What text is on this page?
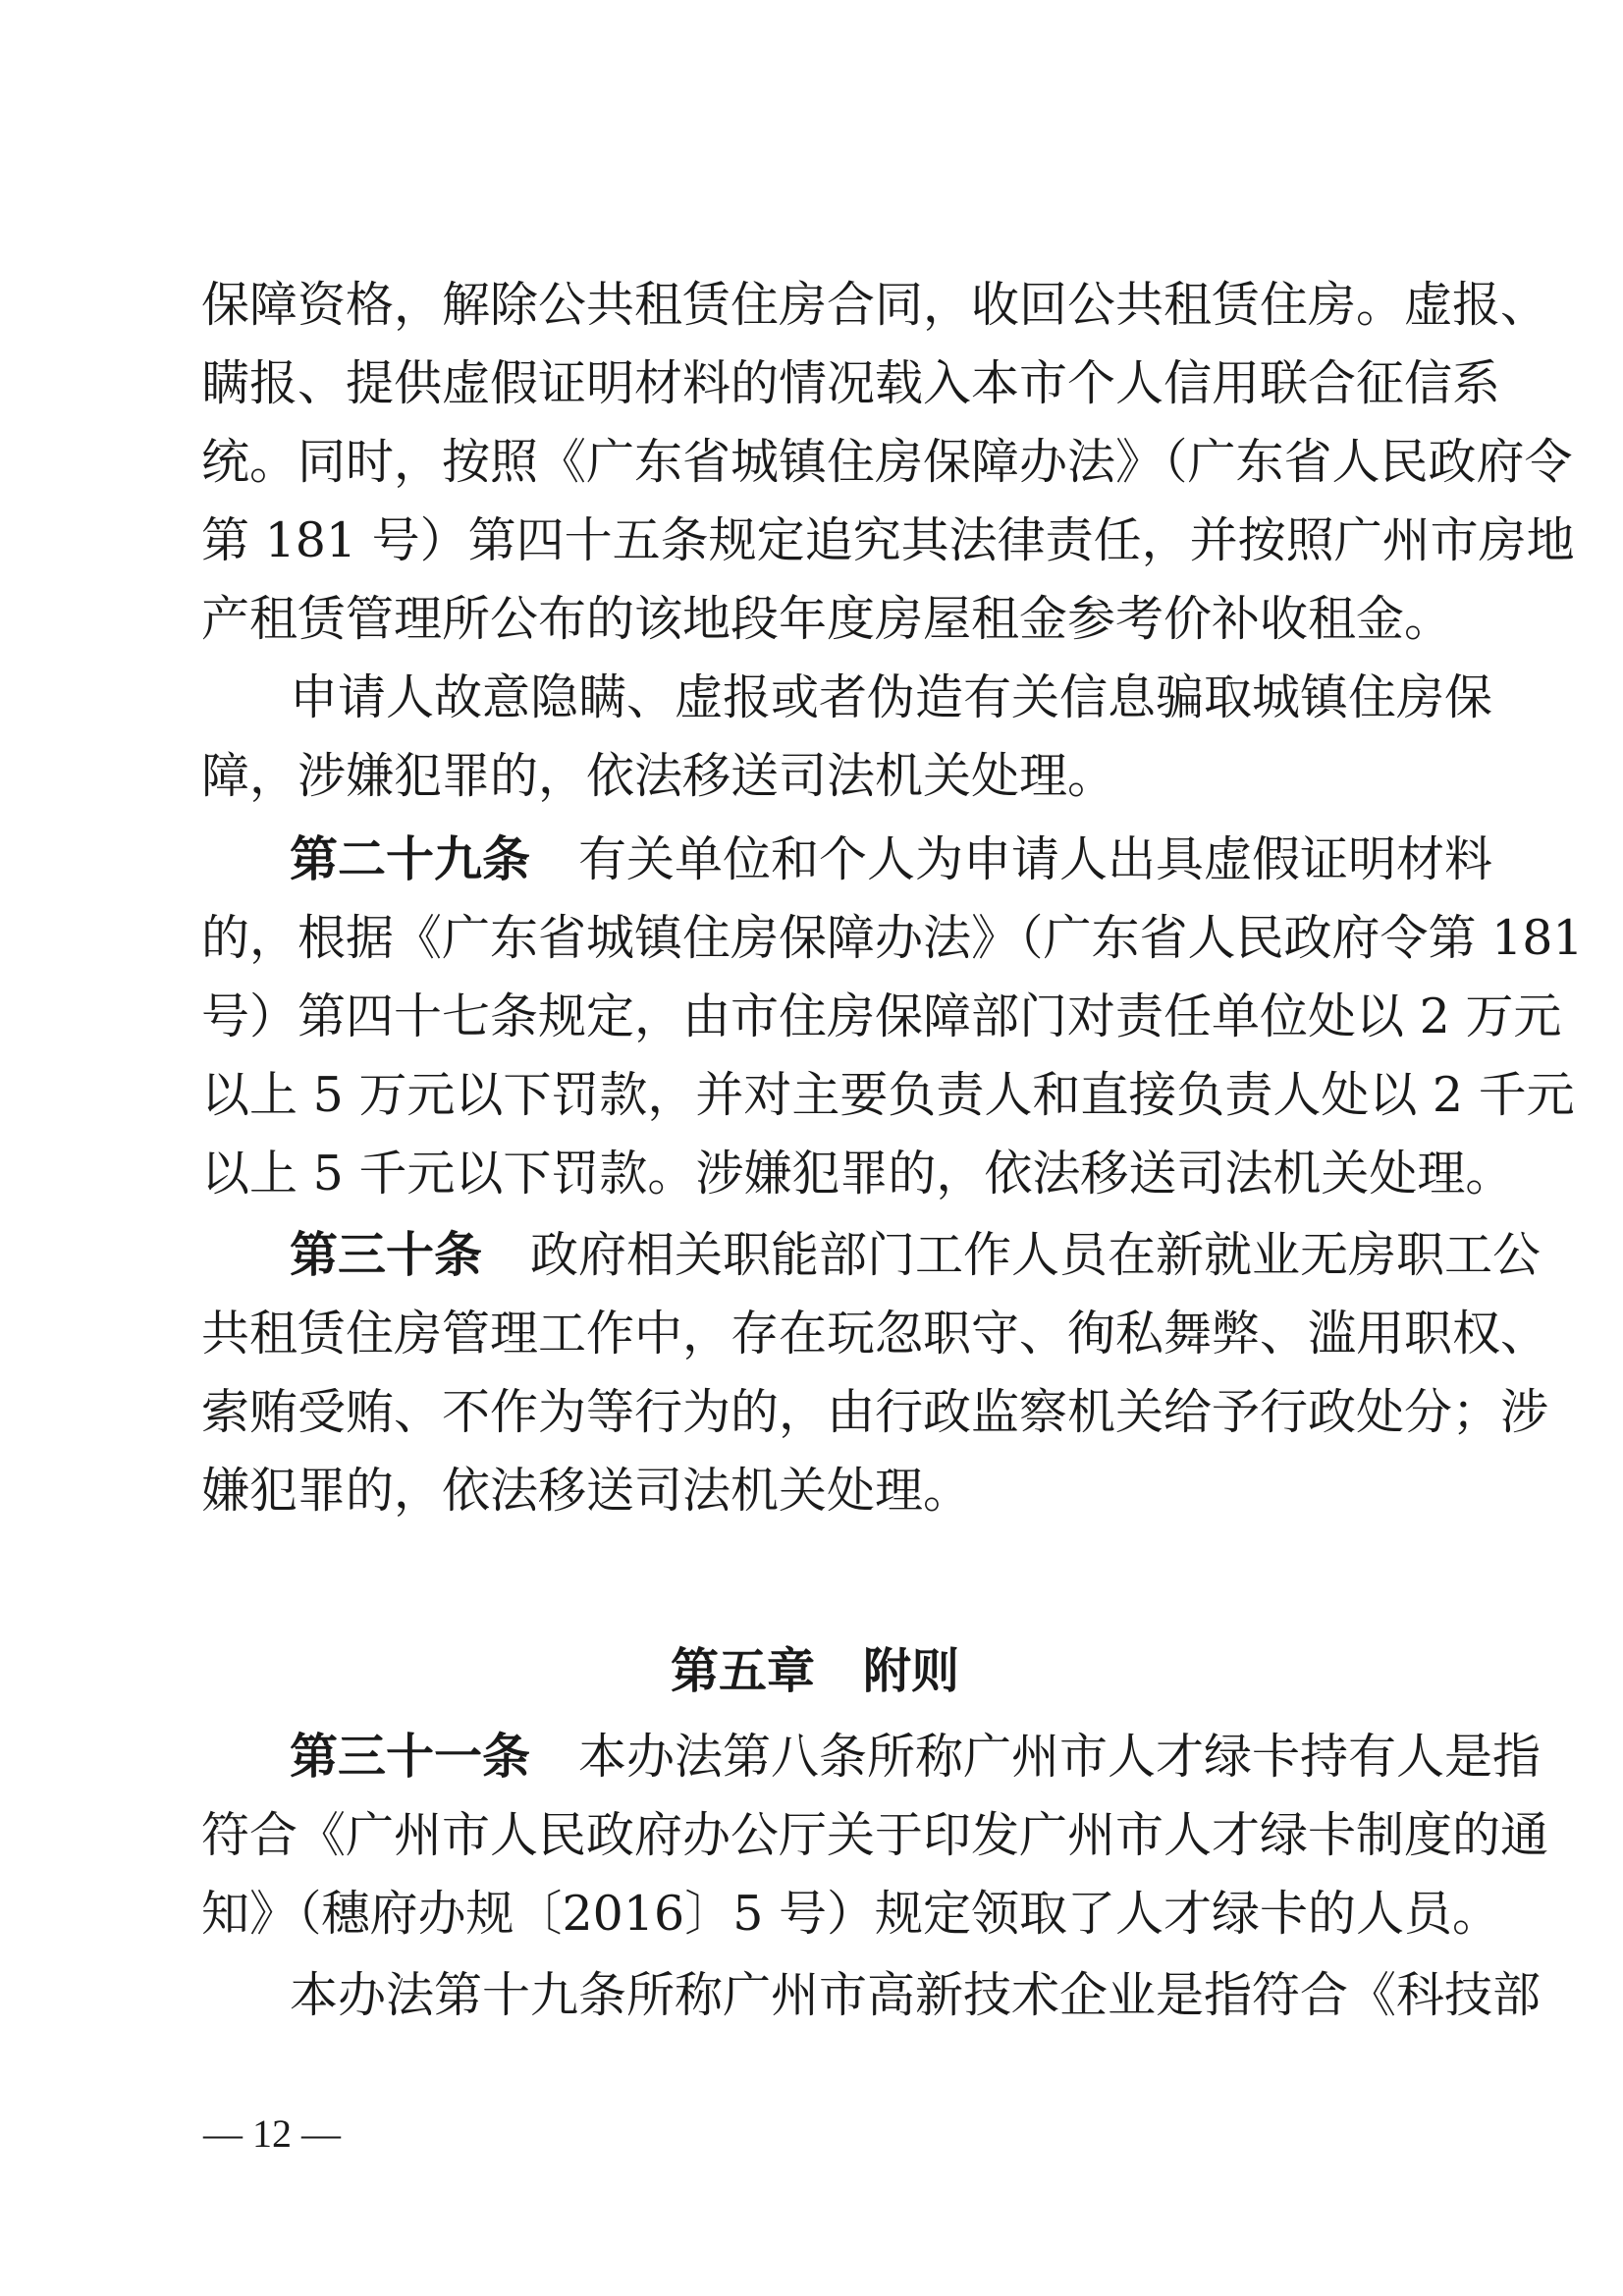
保障资格，解除公共租赁住房合同，收回公共租赁住房。虚报、
瞒报、提供虚假证明材料的情况载入本市个人信用联合征信系
统。同时，按照《广东省城镇住房保障办法》（广东省人民政府令
第 181 号）第四十五条规定追究其法律责任，并按照广州市房地
产租赁管理所公布的该地段年度房屋租金参考价补收租金。
申请人故意隐瞒、虚报或者伪造有关信息骗取城镇住房保
障，涉嫌犯罪的，依法移送司法机关处理。
第二十九条　 有关单位和个人为申请人出具虚假证明材料
的，根据《广东省城镇住房保障办法》（广东省人民政府令第 181
号）第四十七条规定，由市住房保障部门对责任单位处以 2 万元
以上 5 万元以下罚款，并对主要负责人和直接负责人处以 2 千元
以上 5 千元以下罚款。涉嫌犯罪的，依法移送司法机关处理。
第三十条　 政府相关职能部门工作人员在新就业无房职工公
共租赁住房管理工作中，存在玩忽职守、徇私舞弊、滥用职权、
索贿受贿、不作为等行为的，由行政监察机关给予行政处分；涉
嫌犯罪的，依法移送司法机关处理。
第五章　附则
第三十一条　 本办法第八条所称广州市人才绿卡持有人是指
符合《广州市人民政府办公厅关于印发广州市人才绿卡制度的通
知》（穗府办规〔2016〕5 号）规定领取了人才绿卡的人员。
本办法第十九条所称广州市高新技术企业是指符合《科技部
— 12 —
